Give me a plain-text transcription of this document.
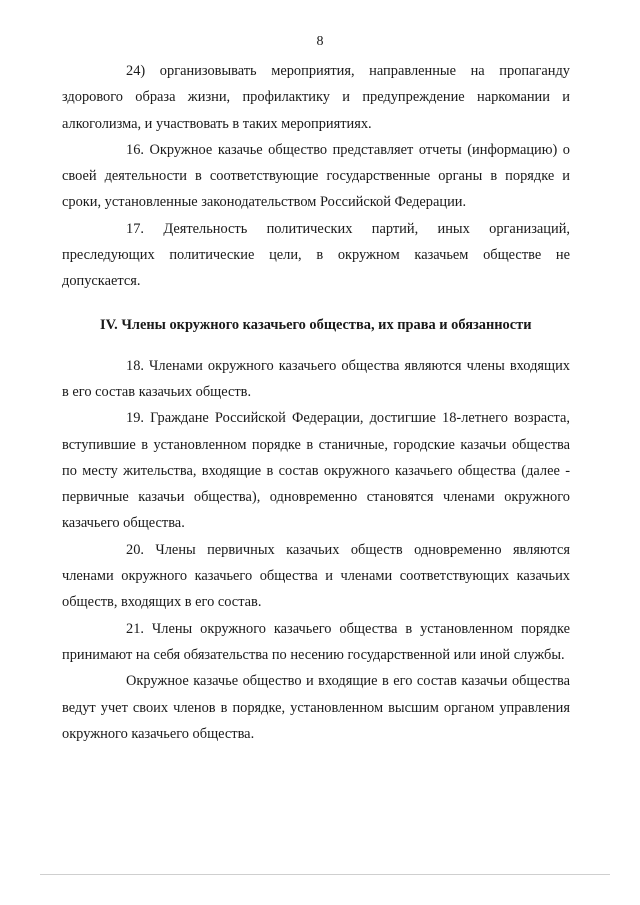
8

24) организовывать мероприятия, направленные на пропаганду здорового образа жизни, профилактику и предупреждение наркомании и алкоголизма, и участвовать в таких мероприятиях.

16. Окружное казачье общество представляет отчеты (информацию) о своей деятельности в соответствующие государственные органы в порядке и сроки, установленные законодательством Российской Федерации.

17. Деятельность политических партий, иных организаций, преследующих политические цели, в окружном казачьем обществе не допускается.

IV. Члены окружного казачьего общества, их права и обязанности

18. Членами окружного казачьего общества являются члены входящих в его состав казачьих обществ.

19. Граждане Российской Федерации, достигшие 18-летнего возраста, вступившие в установленном порядке в станичные, городские казачьи общества по месту жительства, входящие в состав окружного казачьего общества (далее - первичные казачьи общества), одновременно становятся членами окружного казачьего общества.

20. Члены первичных казачьих обществ одновременно являются членами окружного казачьего общества и членами соответствующих казачьих обществ, входящих в его состав.

21. Члены окружного казачьего общества в установленном порядке принимают на себя обязательства по несению государственной или иной службы.

Окружное казачье общество и входящие в его состав казачьи общества ведут учет своих членов в порядке, установленном высшим органом управления окружного казачьего общества.
